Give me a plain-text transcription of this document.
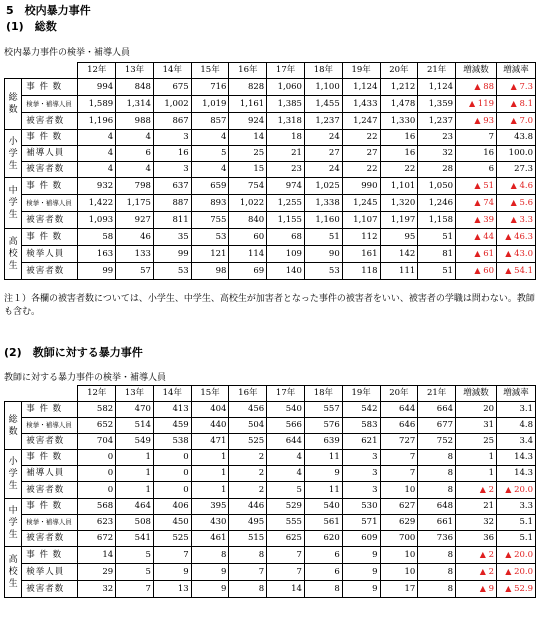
5　校内暴力事件
(1)　総数
校内暴力事件の検挙・補導人員
		12年	13年	14年	15年	16年	17年	18年	19年	20年	21年	増減数	増減率
総数	事 件 数	994	848	675	716	828	1,060	1,100	1,124	1,212	1,124	▲ 88	▲ 7.3
	検挙・補導人員	1,589	1,314	1,002	1,019	1,161	1,385	1,455	1,433	1,478	1,359	▲ 119	▲ 8.1
	被害者数	1,196	988	867	857	924	1,318	1,237	1,247	1,330	1,237	▲ 93	▲ 7.0
小学生	事 件 数	4	4	3	4	14	18	24	22	16	23	7	43.8
	補導人員	4	6	16	5	25	21	27	27	16	32	16	100.0
	被害者数	4	4	3	4	15	23	24	22	22	28	6	27.3
中学生	事 件 数	932	798	637	659	754	974	1,025	990	1,101	1,050	▲ 51	▲ 4.6
	検挙・補導人員	1,422	1,175	887	893	1,022	1,255	1,338	1,245	1,320	1,246	▲ 74	▲ 5.6
	被害者数	1,093	927	811	755	840	1,155	1,160	1,107	1,197	1,158	▲ 39	▲ 3.3
高校生	事 件 数	58	46	35	53	60	68	51	112	95	51	▲ 44	▲ 46.3
	検挙人員	163	133	99	121	114	109	90	161	142	81	▲ 61	▲ 43.0
	被害者数	99	57	53	98	69	140	53	118	111	51	▲ 60	▲ 54.1
注１）各欄の被害者数については、小学生、中学生、高校生が加害者となった事件の被害者をいい、被害者の学職は問わない。教師も含む。
(2)　教師に対する暴力事件
教師に対する暴力事件の検挙・補導人員
		12年	13年	14年	15年	16年	17年	18年	19年	20年	21年	増減数	増減率
総数	事 件 数	582	470	413	404	456	540	557	542	644	664	20	3.1
	検挙・補導人員	652	514	459	440	504	566	576	583	646	677	31	4.8
	被害者数	704	549	538	471	525	644	639	621	727	752	25	3.4
小学生	事 件 数	0	1	0	1	2	4	11	3	7	8	1	14.3
	補導人員	0	1	0	1	2	4	9	3	7	8	1	14.3
	被害者数	0	1	0	1	2	5	11	3	10	8	▲ 2	▲ 20.0
中学生	事 件 数	568	464	406	395	446	529	540	530	627	648	21	3.3
	検挙・補導人員	623	508	450	430	495	555	561	571	629	661	32	5.1
	被害者数	672	541	525	461	515	625	620	609	700	736	36	5.1
高校生	事 件 数	14	5	7	8	8	7	6	9	10	8	▲ 2	▲ 20.0
	検挙人員	29	5	9	9	7	7	6	9	10	8	▲ 2	▲ 20.0
	被害者数	32	7	13	9	8	14	8	9	17	8	▲ 9	▲ 52.9
